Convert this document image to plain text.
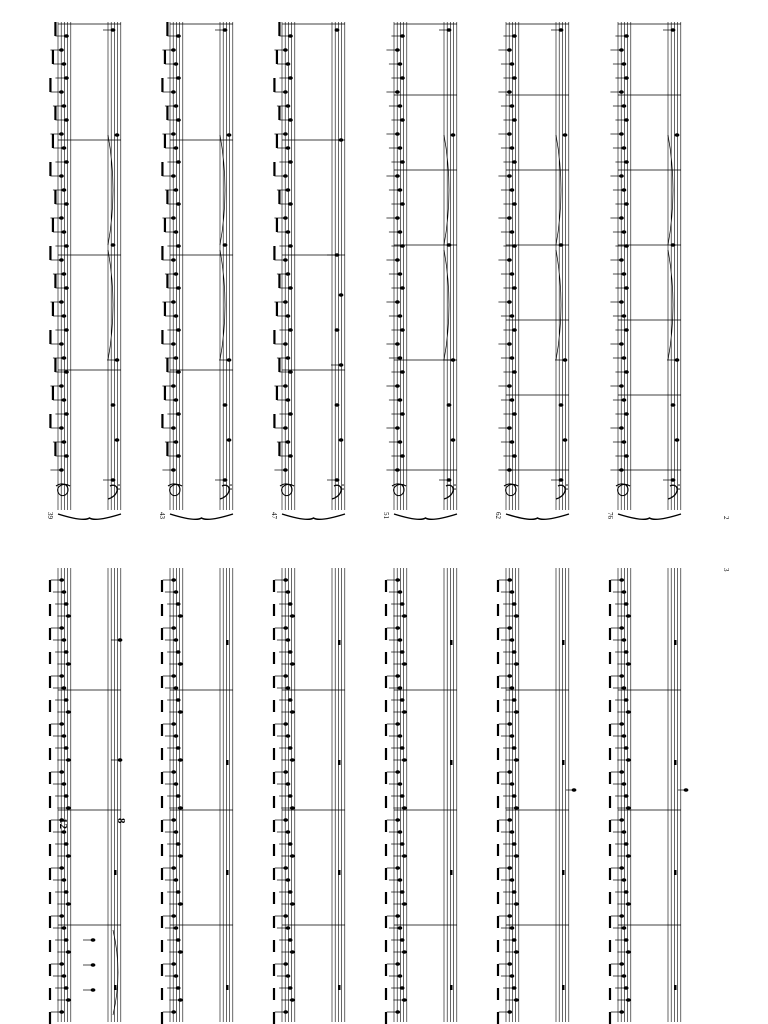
39	43	47	51	62	76
12	8
2
3
